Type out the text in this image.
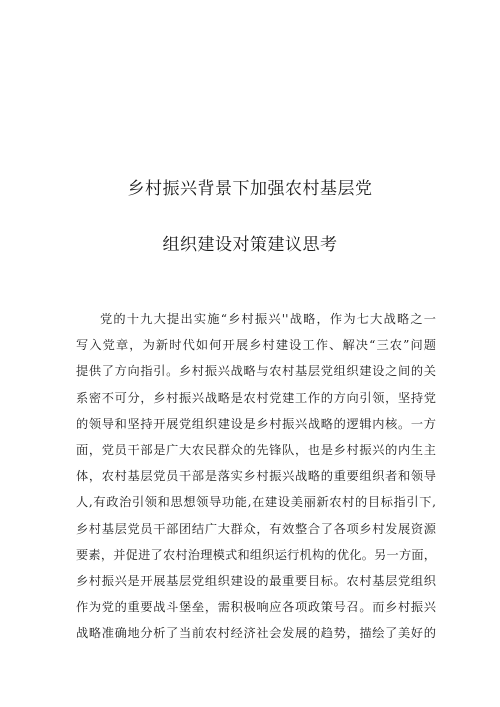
乡村振兴背景下加强农村基层党
组织建设对策建议思考
党的十九大提出实施“乡村振兴''战略，作为七大战略之一
写入党章，为新时代如何开展乡村建设工作、解决“三农”问题
提供了方向指引。乡村振兴战略与农村基层党组织建设之间的关
系密不可分，乡村振兴战略是农村党建工作的方向引领，坚持党
的领导和坚持开展党组织建设是乡村振兴战略的逻辑内核。一方
面，党员干部是广大农民群众的先锋队，也是乡村振兴的内生主
体，农村基层党员干部是落实乡村振兴战略的重要组织者和领导
人,有政治引领和思想领导功能,在建设美丽新农村的目标指引下,
乡村基层党员干部团结广大群众，有效整合了各项乡村发展资源
要素，并促进了农村治理模式和组织运行机构的优化。另一方面，
乡村振兴是开展基层党组织建设的最重要目标。农村基层党组织
作为党的重要战斗堡垒，需积极响应各项政策号召。而乡村振兴
战略准确地分析了当前农村经济社会发展的趋势，描绘了美好的
